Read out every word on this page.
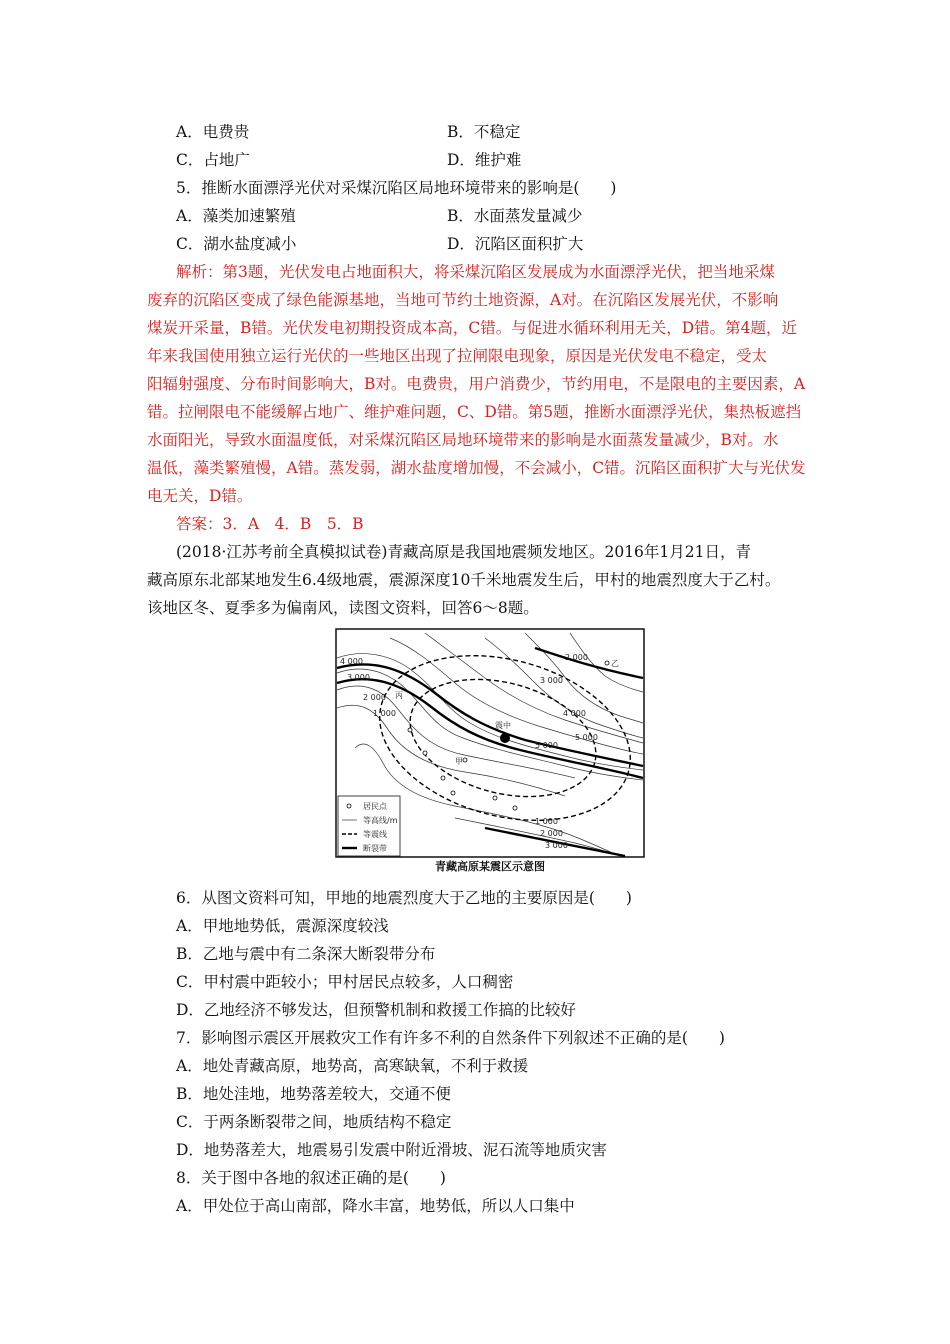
A．电费贵	B．不稳定
C．占地广	D．维护难
5．推断水面漂浮光伏对采煤沉陷区局地环境带来的影响是(　　)
A．藻类加速繁殖	B．水面蒸发量减少
C．湖水盐度减小	D．沉陷区面积扩大
解析：第3题，光伏发电占地面积大，将采煤沉陷区发展成为水面漂浮光伏，把当地采煤
废弃的沉陷区变成了绿色能源基地，当地可节约土地资源，A对。在沉陷区发展光伏，不影响
煤炭开采量，B错。光伏发电初期投资成本高，C错。与促进水循环利用无关，D错。第4题，近
年来我国使用独立运行光伏的一些地区出现了拉闸限电现象，原因是光伏发电不稳定，受太
阳辐射强度、分布时间影响大，B对。电费贵，用户消费少，节约用电，不是限电的主要因素，A
错。拉闸限电不能缓解占地广、维护难问题，C、D错。第5题，推断水面漂浮光伏，集热板遮挡
水面阳光，导致水面温度低，对采煤沉陷区局地环境带来的影响是水面蒸发量减少，B对。水
温低，藻类繁殖慢，A错。蒸发弱，湖水盐度增加慢，不会减小，C错。沉陷区面积扩大与光伏发
电无关，D错。
答案：3．A　4．B　5．B
(2018·江苏考前全真模拟试卷)青藏高原是我国地震频发地区。2016年1月21日，青
藏高原东北部某地发生6.4级地震，震源深度10千米地震发生后，甲村的地震烈度大于乙村。
该地区冬、夏季多为偏南风，读图文资料，回答6～8题。
乙
甲
丙
震中
4 000
3 000
2 000
1 000
2 000
3 000
4 000
5 000
5 000
1 000
2 000
3 000
居民点
等高线/m
等震线
断裂带
青藏高原某震区示意图
6．从图文资料可知，甲地的地震烈度大于乙地的主要原因是(　　)
A．甲地地势低，震源深度较浅
B．乙地与震中有二条深大断裂带分布
C．甲村震中距较小；甲村居民点较多，人口稠密
D．乙地经济不够发达，但预警机制和救援工作搞的比较好
7．影响图示震区开展救灾工作有许多不利的自然条件下列叙述不正确的是(　　)
A．地处青藏高原，地势高，高寒缺氧，不利于救援
B．地处洼地，地势落差较大，交通不便
C．于两条断裂带之间，地质结构不稳定
D．地势落差大，地震易引发震中附近滑坡、泥石流等地质灾害
8．关于图中各地的叙述正确的是(　　)
A．甲处位于高山南部，降水丰富，地势低，所以人口集中
